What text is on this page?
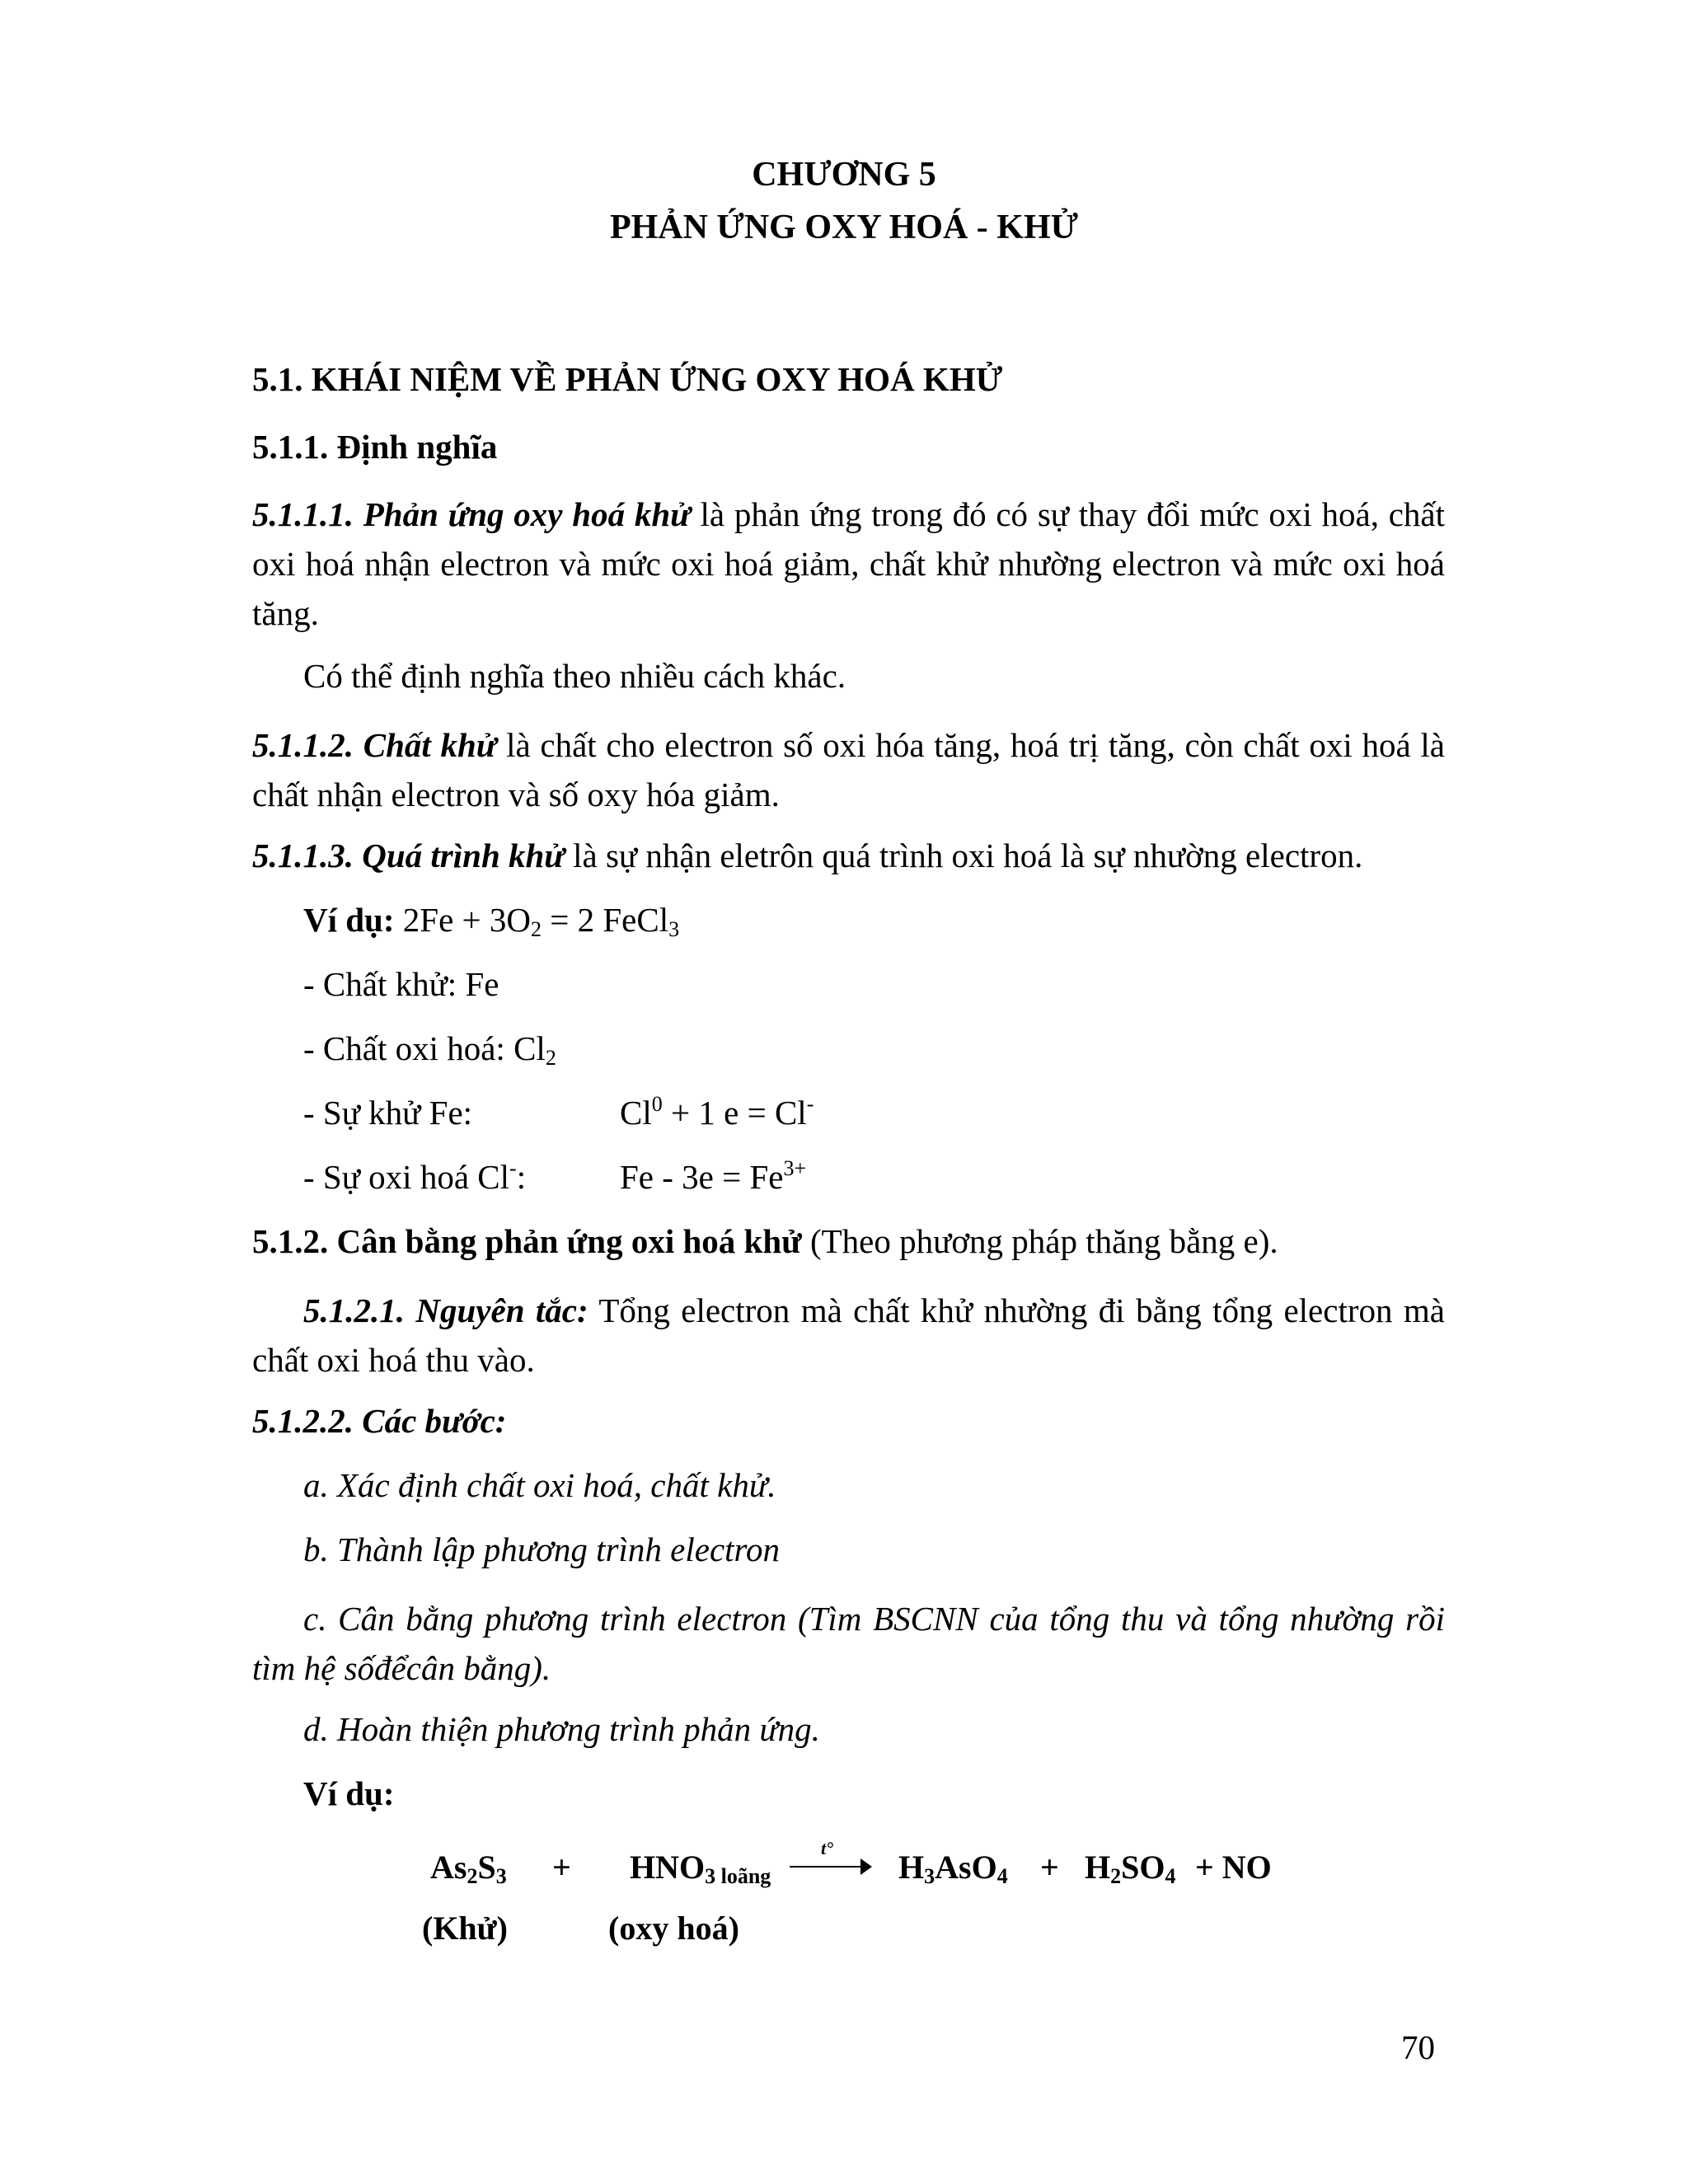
CHƯƠNG 5
PHẢN ỨNG OXY HOÁ - KHỬ
5.1. KHÁI NIỆM VỀ PHẢN ỨNG OXY HOÁ KHỬ
5.1.1. Định nghĩa
5.1.1.1. Phản ứng oxy hoá khử là phản ứng trong đó có sự thay đổi mức oxi hoá, chất oxi hoá nhận electron và mức oxi hoá giảm, chất khử nhường electron và mức oxi hoá tăng.
Có thể định nghĩa theo nhiều cách khác.
5.1.1.2. Chất khử là chất cho electron số oxi hóa tăng, hoá trị tăng, còn chất oxi hoá là chất nhận electron và số oxy hóa giảm.
5.1.1.3. Quá trình khử là sự nhận eletrôn quá trình oxi hoá là sự nhường electron.
Ví dụ: $2Fe + 3O_2 = 2$ FeCl$_3$
- Chất khử: Fe
- Chất oxi hoá: $Cl_2$
- Sự khử Fe:	$Cl^0 + 1$ e = Cl-
- Sự oxi hoá Cl-:	$Fe - 3e = Fe^{3+}$
5.1.2. Cân bằng phản ứng oxi hoá khử (Theo phương pháp thăng bằng e).
5.1.2.1. Nguyên tắc: Tổng electron mà chất khử nhường đi bằng tổng electron mà chất oxi hoá thu vào.
5.1.2.2. Các bước:
a. Xác định chất oxi hoá, chất khử.
b. Thành lập phương trình electron
c. Cân bằng phương trình electron (Tìm BSCNN của tổng thu và tổng nhường rồi tìm hệ sốđểcân bằng).
d. Hoàn thiện phương trình phản ứng.
Ví dụ:
$As_2S_3 + HNO_{3 loãng}$
t°
$H_3AsO_4 + H_2SO_4$ + NO
(Khử)	(oxy hoá)
70
